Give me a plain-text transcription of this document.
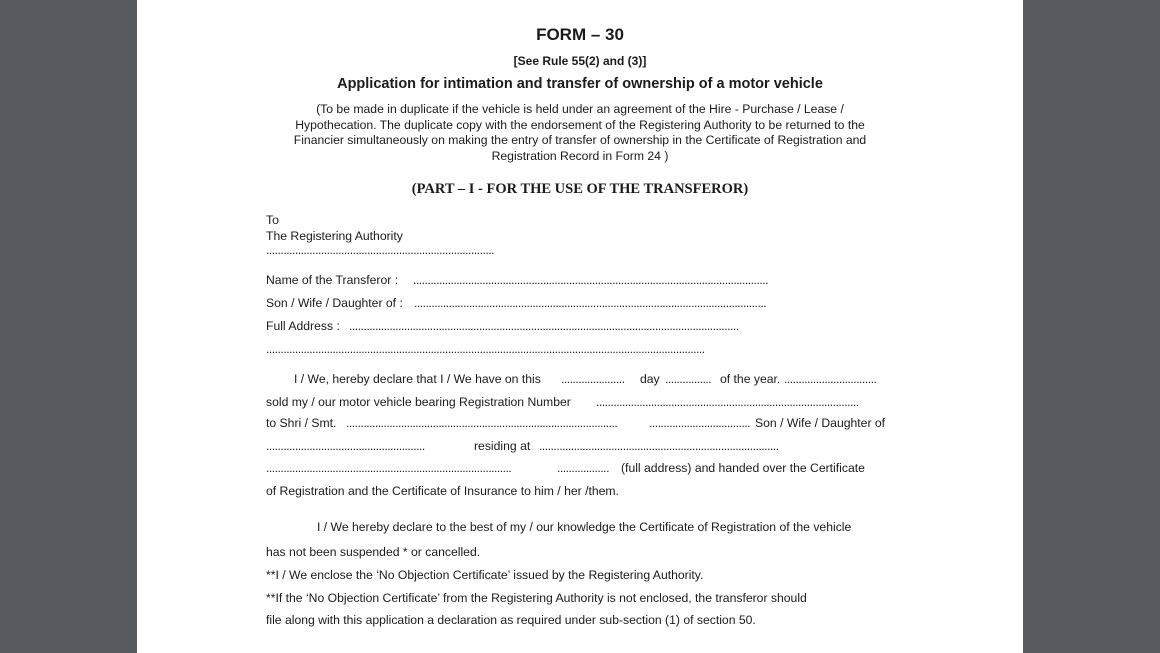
FORM – 30
[See Rule 55(2) and (3)]
Application for intimation and transfer of ownership of a motor vehicle
(To be made in duplicate if the vehicle is held under an agreement of the Hire - Purchase / Lease /
Hypothecation. The duplicate copy with the endorsement of the Registering Authority to be returned to the
Financier simultaneously on making the entry of transfer of ownership in the Certificate of Registration and
Registration Record in Form 24 )
(PART – I - FOR THE USE OF THE TRANSFEROR)
To
The Registering Authority
...............................................................................
Name of the Transferor : ...........................................................................................................................
Son / Wife / Daughter of : ..........................................................................................................................
Full Address : .......................................................................................................................................
........................................................................................................................................................
I / We, hereby declare that I / We have on this ......................	day ................ of the year. ................................
sold my / our motor vehicle bearing Registration Number ...........................................................................................
to Shri / Smt. ..............................................................................................	................................... Son / Wife / Daughter of
.......................................................	residing at ...................................................................................
.....................................................................................	.................. (full address) and handed over the Certificate
of Registration and the Certificate of Insurance to him / her /them.
I / We hereby declare to the best of my / our knowledge the Certificate of Registration of the vehicle
has not been suspended * or cancelled.
**I / We enclose the ‘No Objection Certificate’ issued by the Registering Authority.
**If the ‘No Objection Certificate’ from the Registering Authority is not enclosed, the transferor should
file along with this application a declaration as required under sub-section (1) of section 50.
